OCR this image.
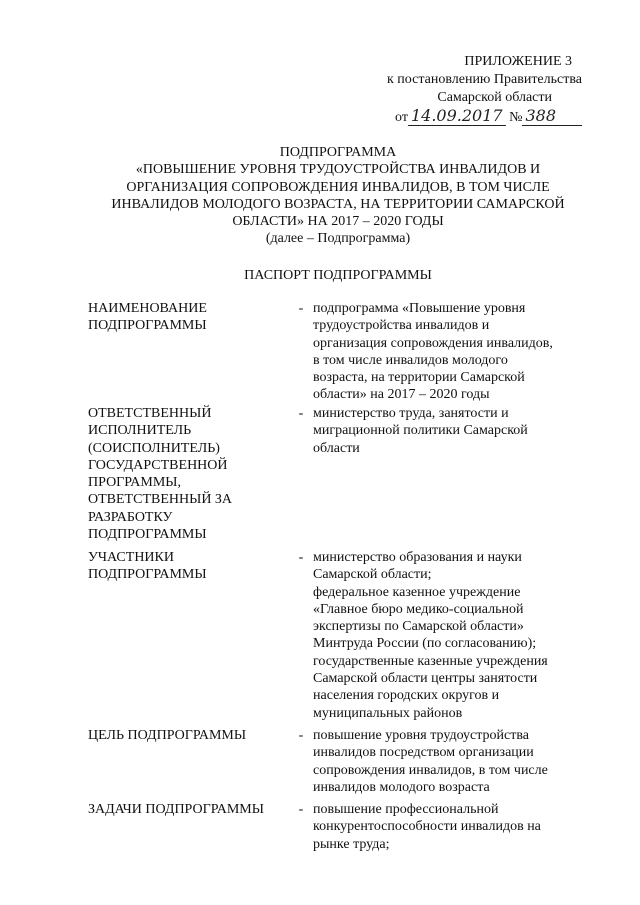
ПРИЛОЖЕНИЕ 3
к постановлению Правительства
Самарской области
от 14.09.2017 № 388
ПОДПРОГРАММА
«ПОВЫШЕНИЕ УРОВНЯ ТРУДОУСТРОЙСТВА ИНВАЛИДОВ И
ОРГАНИЗАЦИЯ СОПРОВОЖДЕНИЯ ИНВАЛИДОВ, В ТОМ ЧИСЛЕ
ИНВАЛИДОВ МОЛОДОГО ВОЗРАСТА, НА ТЕРРИТОРИИ САМАРСКОЙ
ОБЛАСТИ» НА 2017 – 2020 ГОДЫ
(далее – Подпрограмма)
ПАСПОРТ ПОДПРОГРАММЫ
НАИМЕНОВАНИЕ
ПОДПРОГРАММЫ
- подпрограмма «Повышение уровня
трудоустройства инвалидов и
организация сопровождения инвалидов,
в том числе инвалидов молодого
возраста, на территории Самарской
области» на 2017 – 2020 годы
ОТВЕТСТВЕННЫЙ
ИСПОЛНИТЕЛЬ
(СОИСПОЛНИТЕЛЬ)
ГОСУДАРСТВЕННОЙ
ПРОГРАММЫ,
ОТВЕТСТВЕННЫЙ ЗА
РАЗРАБОТКУ
ПОДПРОГРАММЫ
- министерство труда, занятости и
миграционной политики Самарской
области
УЧАСТНИКИ
ПОДПРОГРАММЫ
- министерство образования и науки
Самарской области;
федеральное казенное учреждение
«Главное бюро медико-социальной
экспертизы по Самарской области»
Минтруда России (по согласованию);
государственные казенные учреждения
Самарской области центры занятости
населения городских округов и
муниципальных районов
ЦЕЛЬ ПОДПРОГРАММЫ	- повышение уровня трудоустройства
инвалидов посредством организации
сопровождения инвалидов, в том числе
инвалидов молодого возраста
ЗАДАЧИ ПОДПРОГРАММЫ	- повышение профессиональной
конкурентоспособности инвалидов на
рынке труда;
